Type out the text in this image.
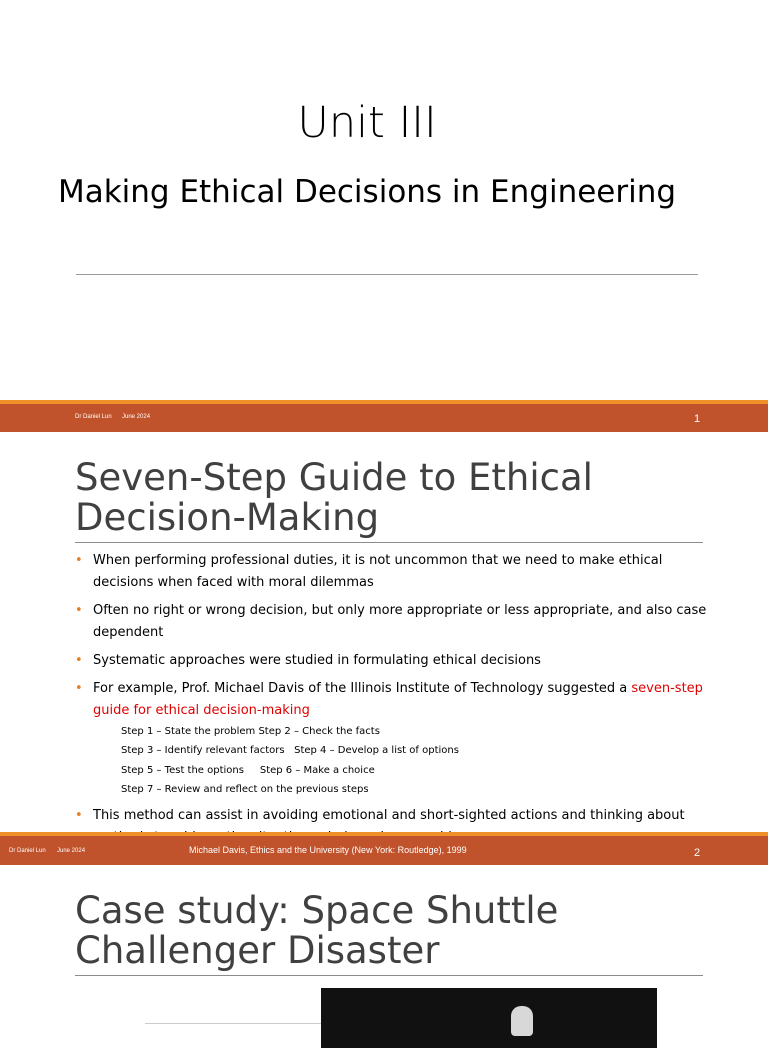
Unit III
Making Ethical Decisions in Engineering
Dr Daniel Lun June 2024	1
Seven-Step Guide to Ethical
Decision-Making
• When performing professional duties, it is not uncommon that we need to make ethical decisions when faced with moral dilemmas
• Often no right or wrong decision, but only more appropriate or less appropriate, and also case dependent
• Systematic approaches were studied in formulating ethical decisions
• For example, Prof. Michael Davis of the Illinois Institute of Technology suggested a seven-step guide for ethical decision-making
Step 1 – State the problem Step 2 – Check the facts
Step 3 – Identify relevant factors   Step 4 – Develop a list of options
Step 5 – Test the options     Step 6 – Make a choice
Step 7 – Review and reflect on the previous steps
• This method can assist in avoiding emotional and short-sighted actions and thinking about
Dr Daniel Lun June 2024	Michael Davis, Ethics and the University (New York: Routledge), 1999	2
Case study: Space Shuttle
Challenger Disaster
